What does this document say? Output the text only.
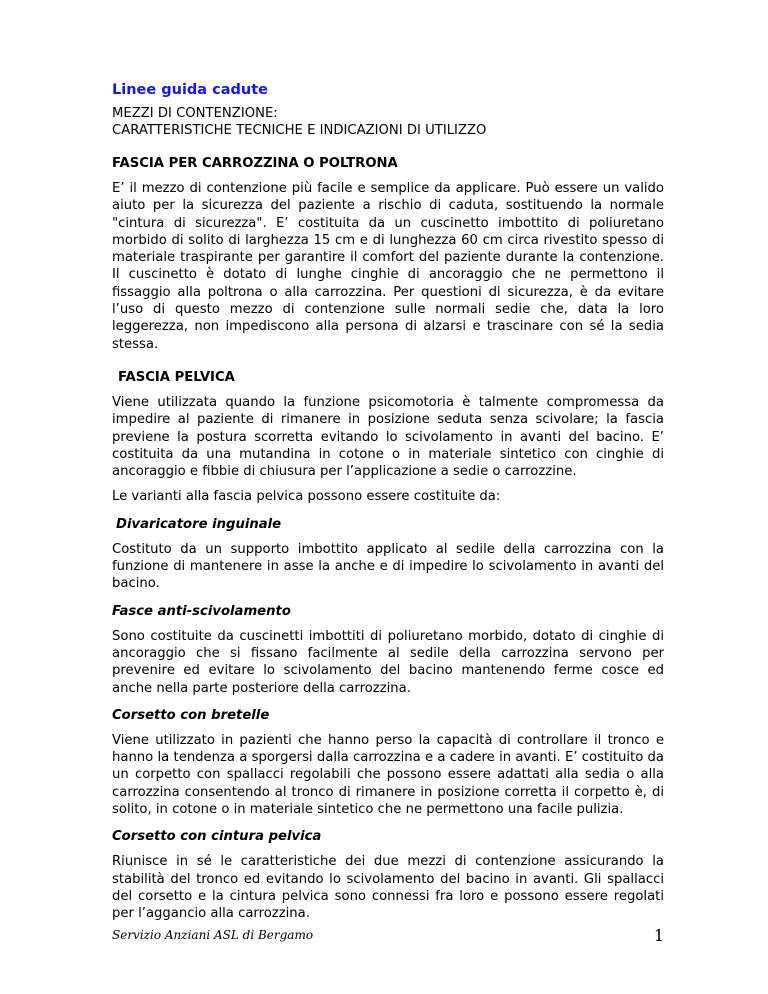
Linee guida cadute
MEZZI DI CONTENZIONE:
CARATTERISTICHE TECNICHE E INDICAZIONI DI UTILIZZO
FASCIA PER CARROZZINA O POLTRONA

E’ il mezzo di contenzione più facile e semplice da applicare. Può essere un valido aiuto per la sicurezza del paziente a rischio di caduta, sostituendo la normale "cintura di sicurezza". E’ costituita da un cuscinetto imbottito di poliuretano morbido di solito di larghezza 15 cm e di lunghezza 60 cm circa rivestito spesso di materiale traspirante per garantire il comfort del paziente durante la contenzione. Il cuscinetto è dotato di lunghe cinghie di ancoraggio che ne permettono il fissaggio alla poltrona o alla carrozzina. Per questioni di sicurezza, è da evitare l’uso di questo mezzo di contenzione sulle normali sedie che, data la loro leggerezza, non impediscono alla persona di alzarsi e trascinare con sé la sedia stessa.

FASCIA PELVICA

Viene utilizzata quando la funzione psicomotoria è talmente compromessa da impedire al paziente di rimanere in posizione seduta senza scivolare; la fascia previene la postura scorretta evitando lo scivolamento in avanti del bacino. E’ costituita da una mutandina in cotone o in materiale sintetico con cinghie di ancoraggio e fibbie di chiusura per l’applicazione a sedie o carrozzine.

Le varianti alla fascia pelvica possono essere costituite da:

Divaricatore inguinale

Costituto da un supporto imbottito applicato al sedile della carrozzina con la funzione di mantenere in asse la anche e di impedire lo scivolamento in avanti del bacino.

Fasce anti-scivolamento

Sono costituite da cuscinetti imbottiti di poliuretano morbido, dotato di cinghie di ancoraggio che si fissano facilmente al sedile della carrozzina servono per prevenire ed evitare lo scivolamento del bacino mantenendo ferme cosce ed anche nella parte posteriore della carrozzina.

Corsetto con bretelle

Viene utilizzato in pazienti che hanno perso la capacità di controllare il tronco e hanno la tendenza a sporgersi dalla carrozzina e a cadere in avanti. E’ costituito da un corpetto con spallacci regolabili che possono essere adattati alla sedia o alla carrozzina consentendo al tronco di rimanere in posizione corretta il corpetto è, di solito, in cotone o in materiale sintetico che ne permettono una facile pulizia.

Corsetto con cintura pelvica

Riunisce in sé le caratteristiche dei due mezzi di contenzione assicurando la stabilità del tronco ed evitando lo scivolamento del bacino in avanti. Gli spallacci del corsetto e la cintura pelvica sono connessi fra loro e possono essere regolati per l’aggancio alla carrozzina.

Servizio Anziani ASL di Bergamo	1
